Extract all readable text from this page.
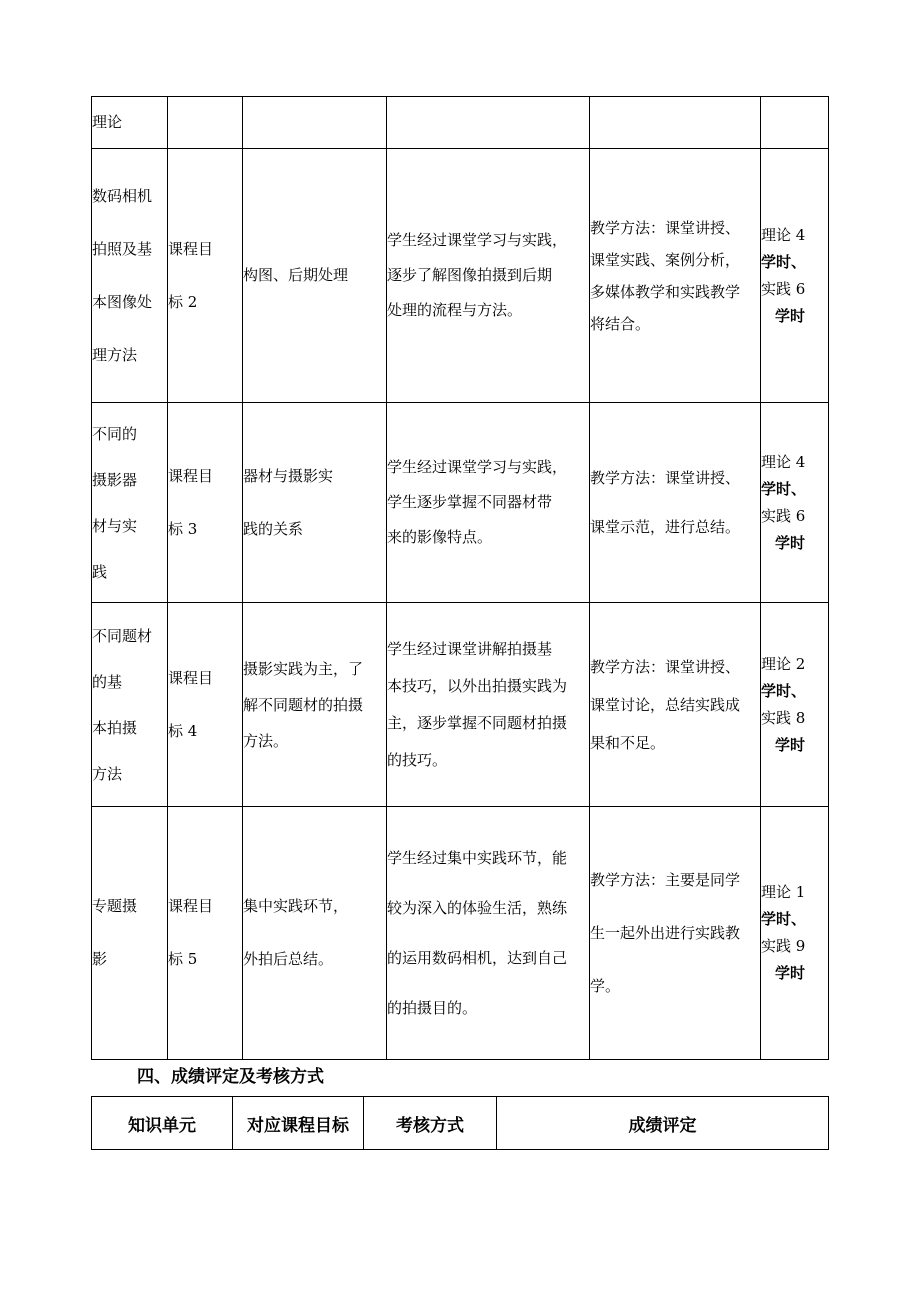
理论					

数码相机
拍照及基
本图像处
理方法	课程目
标 2	构图、后期处理	学生经过课堂学习与实践，
逐步了解图像拍摄到后期
处理的流程与方法。	教学方法：课堂讲授、
课堂实践、案例分析，
多媒体教学和实践教学
将结合。	理论 4
学时、
实践 6
学时

不同的
摄影器
材与实
践	课程目
标 3	器材与摄影实
践的关系	学生经过课堂学习与实践，
学生逐步掌握不同器材带
来的影像特点。	教学方法：课堂讲授、
课堂示范，进行总结。	理论 4
学时、
实践 6
学时

不同题材
的基
本拍摄
方法	课程目
标 4	摄影实践为主，了
解不同题材的拍摄
方法。	学生经过课堂讲解拍摄基
本技巧，以外出拍摄实践为
主，逐步掌握不同题材拍摄
的技巧。	教学方法：课堂讲授、
课堂讨论，总结实践成
果和不足。	理论 2
学时、
实践 8
学时

专题摄
影	课程目
标 5	集中实践环节，
外拍后总结。	学生经过集中实践环节，能
较为深入的体验生活，熟练
的运用数码相机，达到自己
的拍摄目的。	教学方法：主要是同学
生一起外出进行实践教
学。	理论 1
学时、
实践 9
学时
四、成绩评定及考核方式
知识单元	对应课程目标	考核方式	成绩评定
